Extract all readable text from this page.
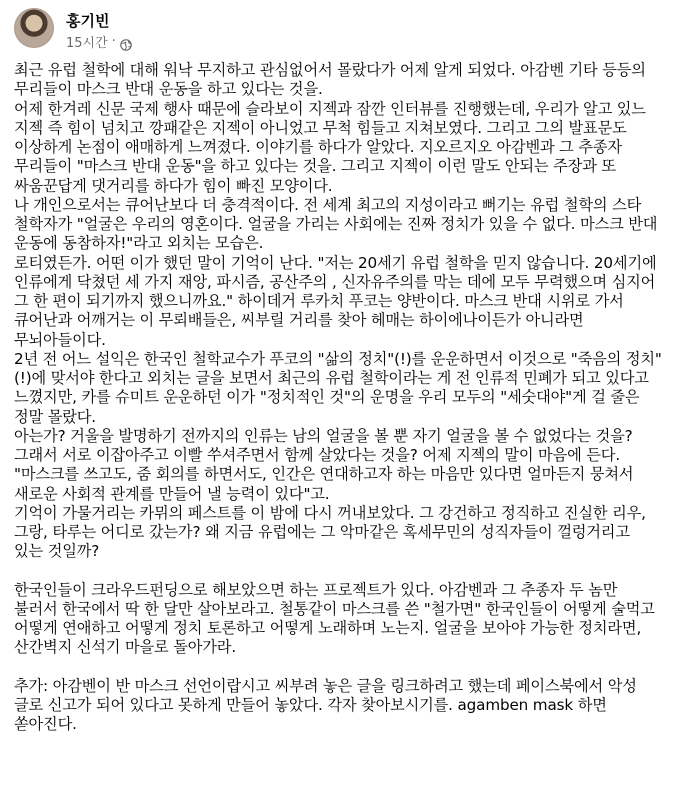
홍기빈
15시간 ·

최근 유럽 철학에 대해 워낙 무지하고 관심없어서 몰랐다가 어제 알게 되었다. 아감벤 기타 등등의 무리들이 마스크 반대 운동을 하고 있다는 것을.

어제 한겨레 신문 국제 행사 때문에 슬라보이 지젝과 잠깐 인터뷰를 진행했는데, 우리가 알고 있느 지젝 즉 힘이 넘치고 깡패같은 지젝이 아니었고 무척 힘들고 지쳐보였다. 그리고 그의 발표문도 이상하게 논점이 애매하게 느껴졌다. 이야기를 하다가 알았다. 지오르지오 아감벤과 그 추종자 무리들이 "마스크 반대 운동"을 하고 있다는 것을. 그리고 지젝이 이런 말도 안되는 주장과 또 싸움꾼답게 댓거리를 하다가 힘이 빠진 모양이다.

나 개인으로서는 큐어난보다 더 충격적이다. 전 세계 최고의 지성이라고 뻐기는 유럽 철학의 스타 철학자가 "얼굴은 우리의 영혼이다. 얼굴을 가리는 사회에는 진짜 정치가 있을 수 없다. 마스크 반대 운동에 동참하자!"라고 외치는 모습은.

로티였든가. 어떤 이가 했던 말이 기억이 난다. "저는 20세기 유럽 철학을 믿지 않습니다. 20세기에 인류에게 닥쳤던 세 가지 재앙, 파시즘, 공산주의 , 신자유주의를 막는 데에 모두 무력했으며 심지어 그 한 편이 되기까지 했으니까요." 하이데거 루카치 푸코는 양반이다. 마스크 반대 시위로 가서 큐어난과 어깨거는 이 무뢰배들은, 씨부릴 거리를 찾아 헤매는 하이에나이든가 아니라면 무뇌아들이다.

2년 전 어느 설익은 한국인 철학교수가 푸코의 "삶의 정치"(!)를 운운하면서 이것으로 "죽음의 정치"(!)에 맞서야 한다고 외치는 글을 보면서 최근의 유럽 철학이라는 게 전 인류적 민폐가 되고 있다고 느꼈지만, 카를 슈미트 운운하던 이가 "정치적인 것"의 운명을 우리 모두의 "세숫대야"게 걸 줄은 정말 몰랐다.

아는가? 거울을 발명하기 전까지의 인류는 남의 얼굴을 볼 뿐 자기 얼굴을 볼 수 없었다는 것을? 그래서 서로 이잡아주고 이빨 쑤셔주면서 함께 살았다는 것을? 어제 지젝의 말이 마음에 든다. "마스크를 쓰고도, 줌 회의를 하면서도, 인간은 연대하고자 하는 마음만 있다면 얼마든지 뭉쳐서 새로운 사회적 관계를 만들어 낼 능력이 있다"고.

기억이 가물거리는 카뮈의 페스트를 이 밤에 다시 꺼내보았다. 그 강건하고 정직하고 진실한 리우, 그랑, 타루는 어디로 갔는가? 왜 지금 유럽에는 그 악마같은 혹세무민의 성직자들이 껄렁거리고 있는 것일까?

한국인들이 크라우드펀딩으로 해보았으면 하는 프로젝트가 있다. 아감벤과 그 추종자 두 놈만 불러서 한국에서 딱 한 달만 살아보라고. 철통같이 마스크를 쓴 "철가면" 한국인들이 어떻게 술먹고 어떻게 연애하고 어떻게 정치 토론하고 어떻게 노래하며 노는지. 얼굴을 보아야 가능한 정치라면, 산간벽지 신석기 마을로 돌아가라.

추가: 아감벤이 반 마스크 선언이랍시고 씨부려 놓은 글을 링크하려고 했는데 페이스북에서 악성 글로 신고가 되어 있다고 못하게 만들어 놓았다. 각자 찾아보시기를. agamben mask 하면 쏟아진다.
